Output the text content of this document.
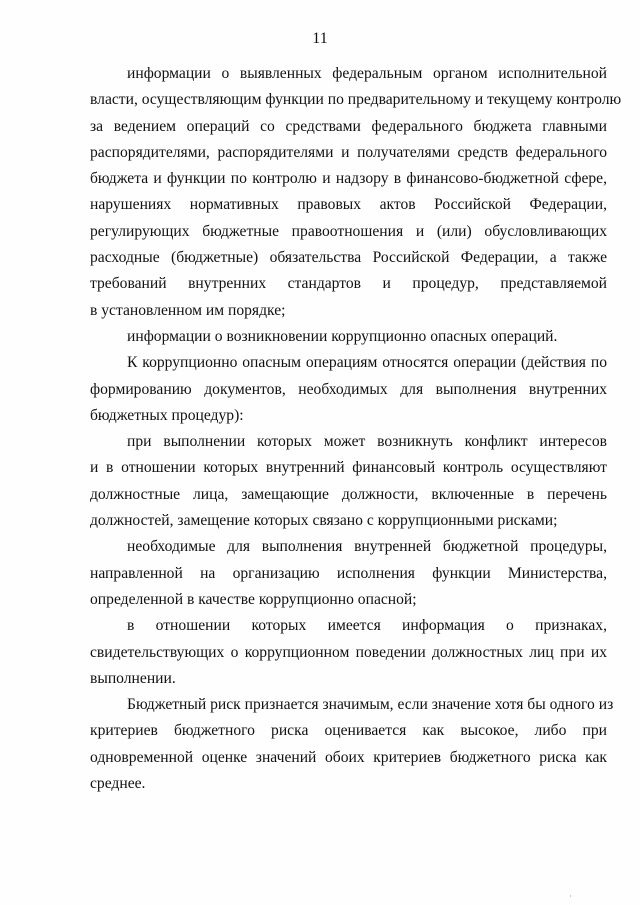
11
информации о выявленных федеральным органом исполнительной
власти, осуществляющим функции по предварительному и текущему контролю
за ведением операций со средствами федерального бюджета главными
распорядителями, распорядителями и получателями средств федерального
бюджета и функции по контролю и надзору в финансово-бюджетной сфере,
нарушениях нормативных правовых актов Российской Федерации,
регулирующих бюджетные правоотношения и (или) обусловливающих
расходные (бюджетные) обязательства Российской Федерации, а также
требований внутренних стандартов и процедур, представляемой
в установленном им порядке;
информации о возникновении коррупционно опасных операций.
К коррупционно опасным операциям относятся операции (действия по
формированию документов, необходимых для выполнения внутренних
бюджетных процедур):
при выполнении которых может возникнуть конфликт интересов
и в отношении которых внутренний финансовый контроль осуществляют
должностные лица, замещающие должности, включенные в перечень
должностей, замещение которых связано с коррупционными рисками;
необходимые для выполнения внутренней бюджетной процедуры,
направленной на организацию исполнения функции Министерства,
определенной в качестве коррупционно опасной;
в отношении которых имеется информация о признаках,
свидетельствующих о коррупционном поведении должностных лиц при их
выполнении.
Бюджетный риск признается значимым, если значение хотя бы одного из
критериев бюджетного риска оценивается как высокое, либо при
одновременной оценке значений обоих критериев бюджетного риска как
среднее.
